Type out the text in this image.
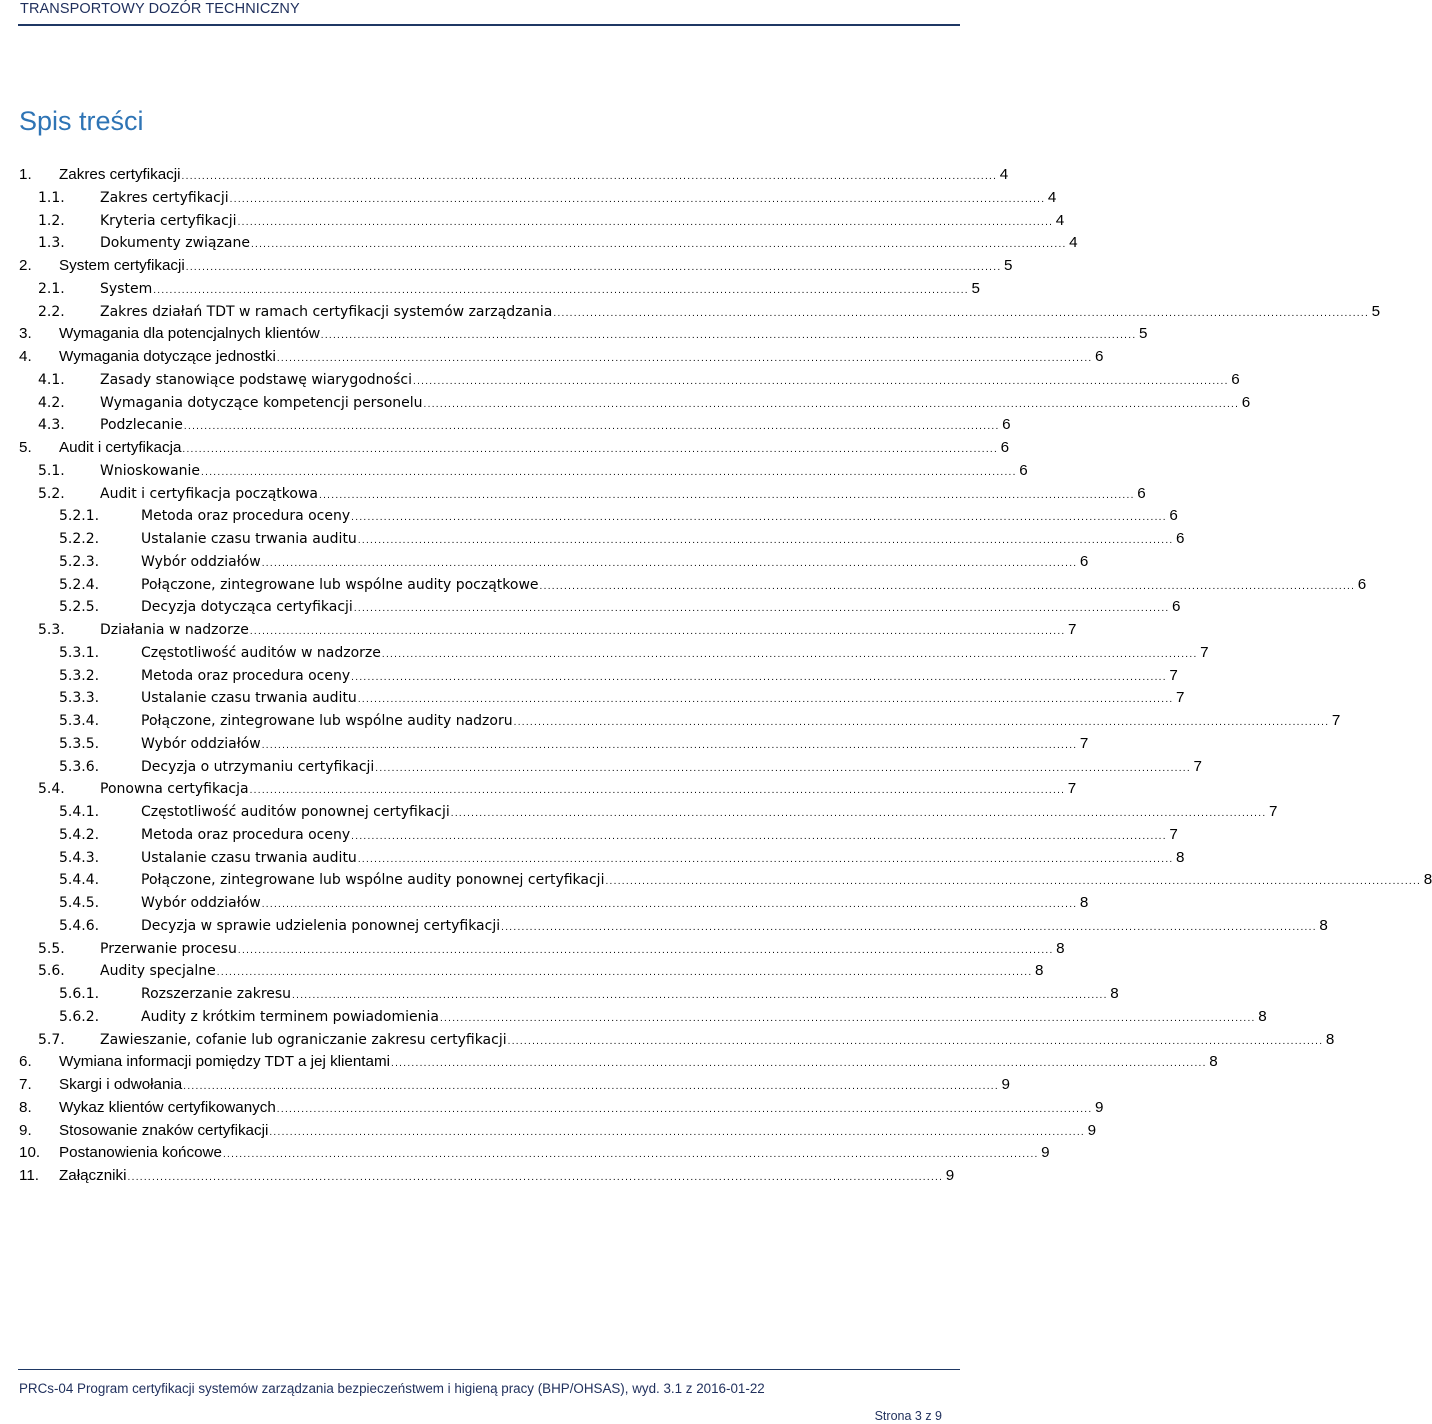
TRANSPORTOWY DOZÓR TECHNICZNY
Spis treści
1.	Zakres certyfikacji ........................................................................................................................................................................................................ 4
1.1.	Zakres certyfikacji ........................................................................................................................................................................................................ 4
1.2.	Kryteria certyfikacji ........................................................................................................................................................................................................ 4
1.3.	Dokumenty związane ........................................................................................................................................................................................................ 4
2.	System certyfikacji ........................................................................................................................................................................................................ 5
2.1.	System ........................................................................................................................................................................................................ 5
2.2.	Zakres działań TDT w ramach certyfikacji systemów zarządzania ........................................................................................................................................................................................................ 5
3.	Wymagania dla potencjalnych klientów ........................................................................................................................................................................................................ 5
4.	Wymagania dotyczące jednostki ........................................................................................................................................................................................................ 6
4.1.	Zasady stanowiące podstawę wiarygodności ........................................................................................................................................................................................................ 6
4.2.	Wymagania dotyczące kompetencji personelu ........................................................................................................................................................................................................ 6
4.3.	Podzlecanie ........................................................................................................................................................................................................ 6
5.	Audit i certyfikacja ........................................................................................................................................................................................................ 6
5.1.	Wnioskowanie ........................................................................................................................................................................................................ 6
5.2.	Audit i certyfikacja początkowa ........................................................................................................................................................................................................ 6
5.2.1.	Metoda oraz procedura oceny ........................................................................................................................................................................................................ 6
5.2.2.	Ustalanie czasu trwania auditu ........................................................................................................................................................................................................ 6
5.2.3.	Wybór oddziałów ........................................................................................................................................................................................................ 6
5.2.4.	Połączone, zintegrowane lub wspólne audity początkowe ........................................................................................................................................................................................................ 6
5.2.5.	Decyzja dotycząca certyfikacji ........................................................................................................................................................................................................ 6
5.3.	Działania w nadzorze ........................................................................................................................................................................................................ 7
5.3.1.	Częstotliwość auditów w nadzorze ........................................................................................................................................................................................................ 7
5.3.2.	Metoda oraz procedura oceny ........................................................................................................................................................................................................ 7
5.3.3.	Ustalanie czasu trwania auditu ........................................................................................................................................................................................................ 7
5.3.4.	Połączone, zintegrowane lub wspólne audity nadzoru ........................................................................................................................................................................................................ 7
5.3.5.	Wybór oddziałów ........................................................................................................................................................................................................ 7
5.3.6.	Decyzja o utrzymaniu certyfikacji ........................................................................................................................................................................................................ 7
5.4.	Ponowna certyfikacja ........................................................................................................................................................................................................ 7
5.4.1.	Częstotliwość auditów ponownej certyfikacji ........................................................................................................................................................................................................ 7
5.4.2.	Metoda oraz procedura oceny ........................................................................................................................................................................................................ 7
5.4.3.	Ustalanie czasu trwania auditu ........................................................................................................................................................................................................ 8
5.4.4.	Połączone, zintegrowane lub wspólne audity ponownej certyfikacji ........................................................................................................................................................................................................ 8
5.4.5.	Wybór oddziałów ........................................................................................................................................................................................................ 8
5.4.6.	Decyzja w sprawie udzielenia ponownej certyfikacji ........................................................................................................................................................................................................ 8
5.5.	Przerwanie procesu ........................................................................................................................................................................................................ 8
5.6.	Audity specjalne ........................................................................................................................................................................................................ 8
5.6.1.	Rozszerzanie zakresu ........................................................................................................................................................................................................ 8
5.6.2.	Audity z krótkim terminem powiadomienia ........................................................................................................................................................................................................ 8
5.7.	Zawieszanie, cofanie lub ograniczanie zakresu certyfikacji ........................................................................................................................................................................................................ 8
6.	Wymiana informacji pomiędzy TDT a jej klientami ........................................................................................................................................................................................................ 8
7.	Skargi i odwołania ........................................................................................................................................................................................................ 9
8.	Wykaz klientów certyfikowanych ........................................................................................................................................................................................................ 9
9.	Stosowanie znaków certyfikacji ........................................................................................................................................................................................................ 9
10.	Postanowienia końcowe ........................................................................................................................................................................................................ 9
11.	Załączniki ........................................................................................................................................................................................................ 9
PRCs-04 Program certyfikacji systemów zarządzania bezpieczeństwem i higieną pracy (BHP/OHSAS), wyd. 3.1 z 2016-01-22
Strona 3 z 9
